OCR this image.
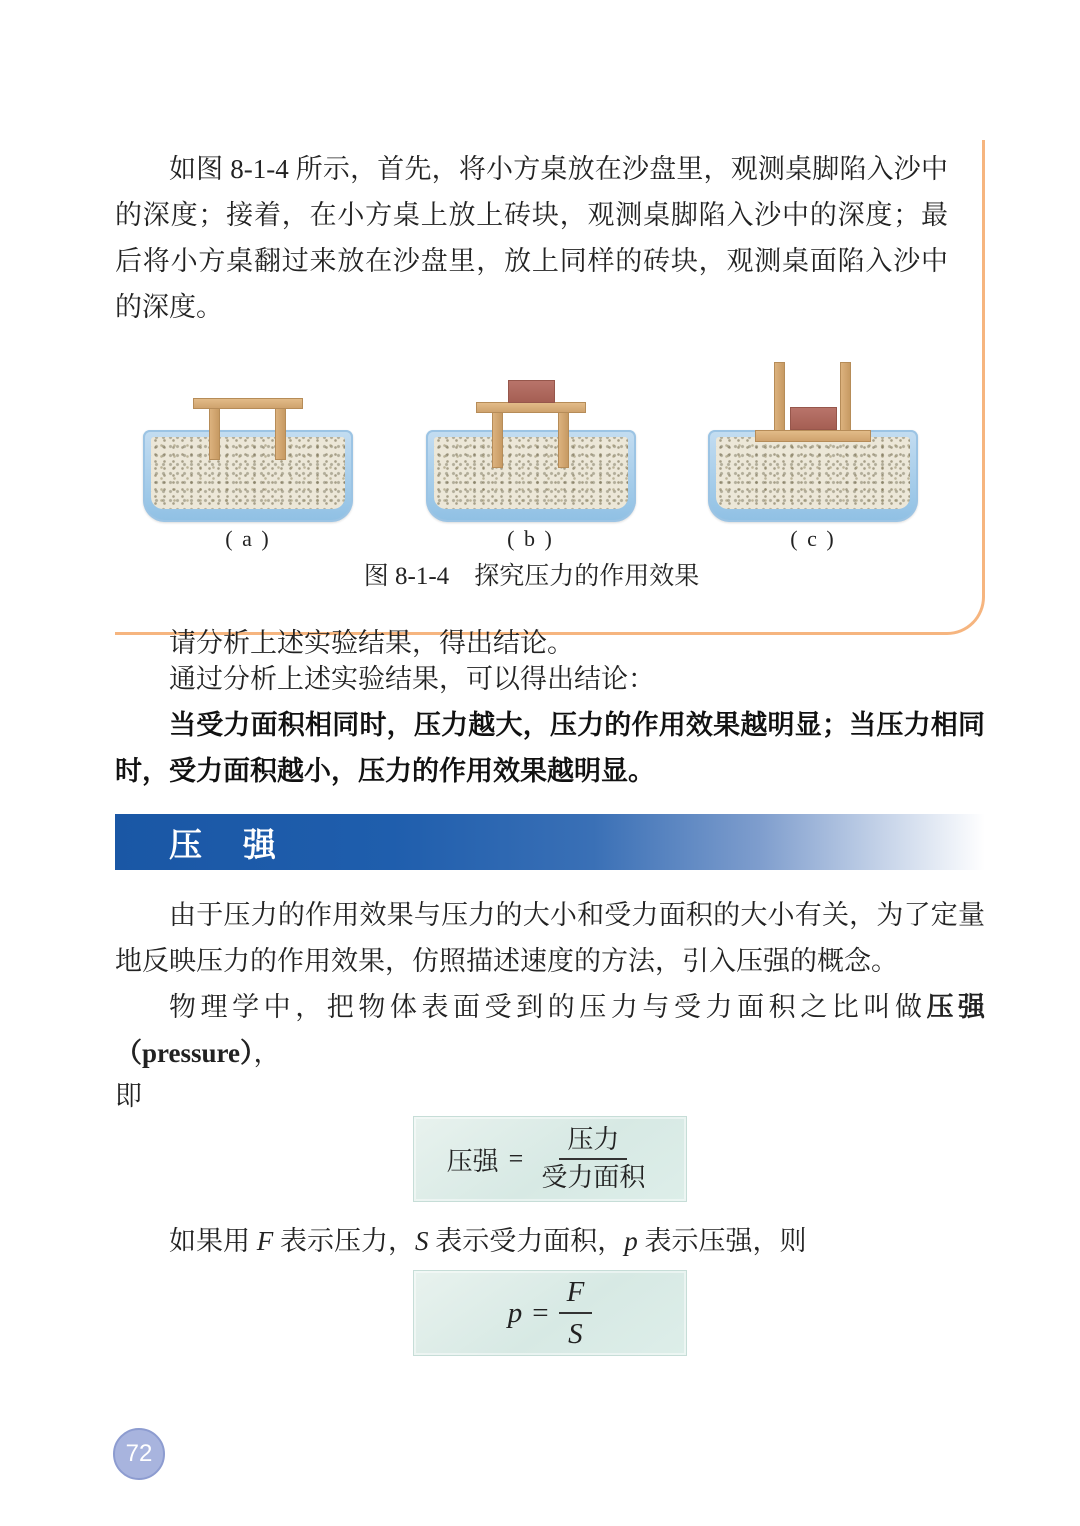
如图 8-1-4 所示，首先，将小方桌放在沙盘里，观测桌脚陷入沙中的深度；接着，在小方桌上放上砖块，观测桌脚陷入沙中的深度；最后将小方桌翻过来放在沙盘里，放上同样的砖块，观测桌面陷入沙中的深度。

( a )	( b )	( c )
图 8-1-4 探究压力的作用效果

请分析上述实验结果，得出结论。

通过分析上述实验结果，可以得出结论：

当受力面积相同时，压力越大，压力的作用效果越明显；当压力相同时，受力面积越小，压力的作用效果越明显。

压　强

由于压力的作用效果与压力的大小和受力面积的大小有关，为了定量地反映压力的作用效果，仿照描述速度的方法，引入压强的概念。

物理学中，把物体表面受到的压力与受力面积之比叫做压强（pressure），

即

压强 = $\frac{\text{压力}}{\text{受力面积}}$

如果用 F 表示压力，S 表示受力面积，p 表示压强，则

$p = \frac{F}{S}$
72
